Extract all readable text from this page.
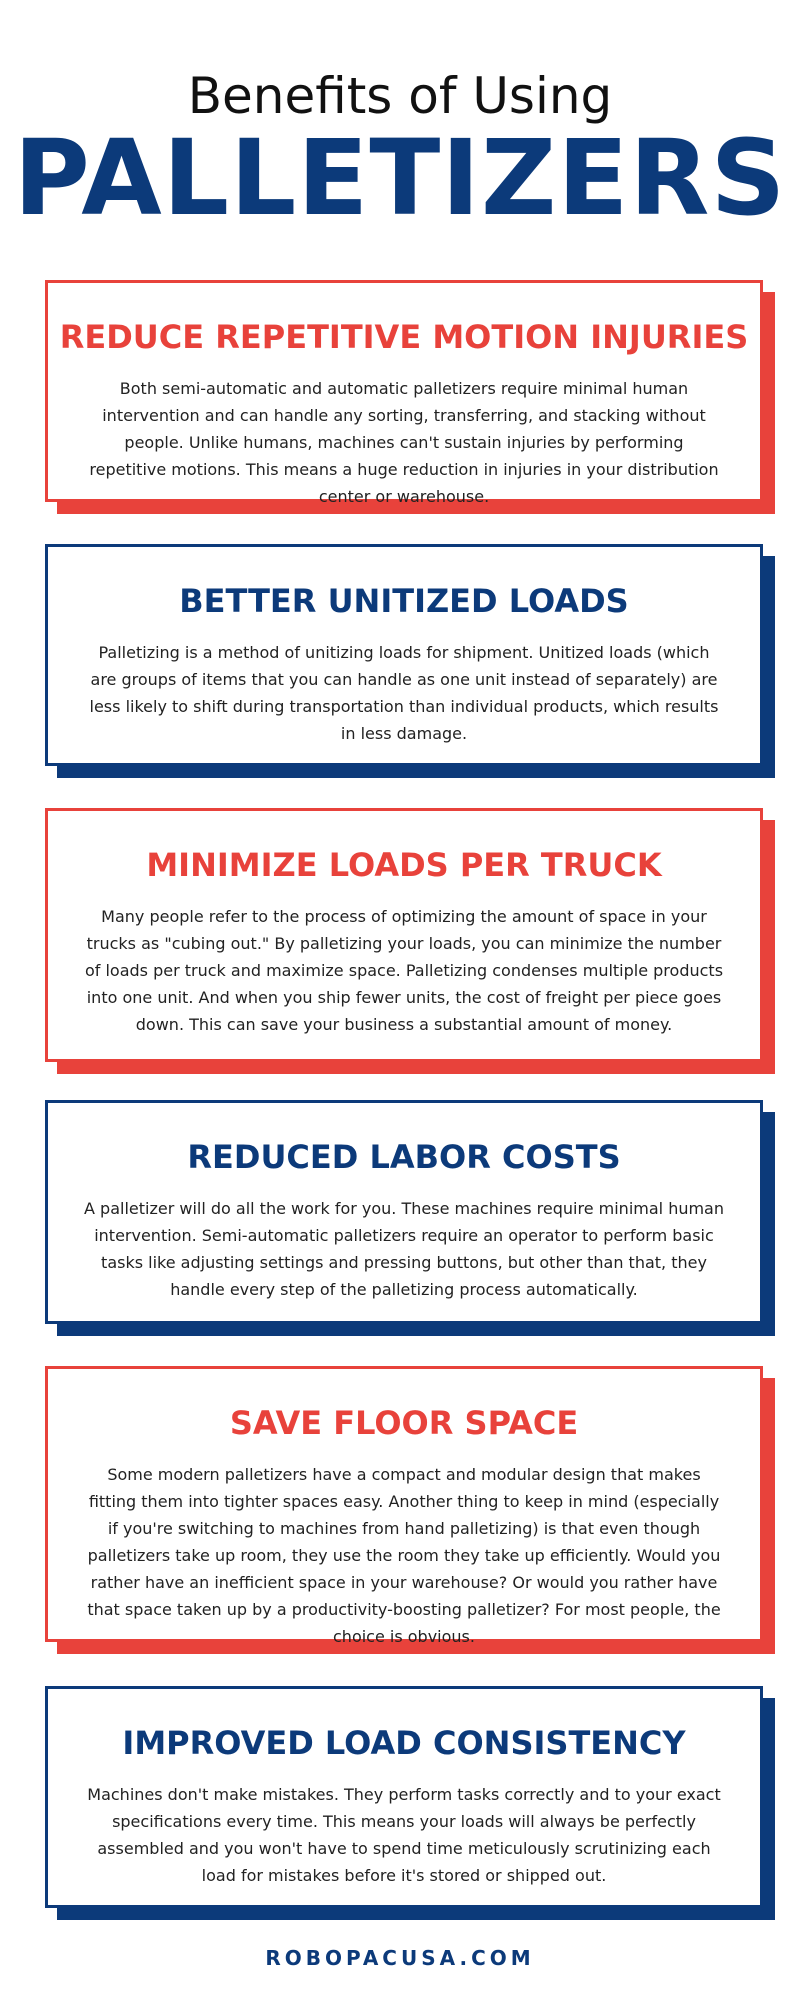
Benefits of Using
PALLETIZERS
REDUCE REPETITIVE MOTION INJURIES
Both semi-automatic and automatic palletizers require minimal human intervention and can handle any sorting, transferring, and stacking without people. Unlike humans, machines can't sustain injuries by performing repetitive motions. This means a huge reduction in injuries in your distribution center or warehouse.
BETTER UNITIZED LOADS
Palletizing is a method of unitizing loads for shipment. Unitized loads (which are groups of items that you can handle as one unit instead of separately) are less likely to shift during transportation than individual products, which results in less damage.
MINIMIZE LOADS PER TRUCK
Many people refer to the process of optimizing the amount of space in your trucks as "cubing out." By palletizing your loads, you can minimize the number of loads per truck and maximize space. Palletizing condenses multiple products into one unit. And when you ship fewer units, the cost of freight per piece goes down. This can save your business a substantial amount of money.
REDUCED LABOR COSTS
A palletizer will do all the work for you. These machines require minimal human intervention. Semi-automatic palletizers require an operator to perform basic tasks like adjusting settings and pressing buttons, but other than that, they handle every step of the palletizing process automatically.
SAVE FLOOR SPACE
Some modern palletizers have a compact and modular design that makes fitting them into tighter spaces easy. Another thing to keep in mind (especially if you're switching to machines from hand palletizing) is that even though palletizers take up room, they use the room they take up efficiently. Would you rather have an inefficient space in your warehouse? Or would you rather have that space taken up by a productivity-boosting palletizer? For most people, the choice is obvious.
IMPROVED LOAD CONSISTENCY
Machines don't make mistakes. They perform tasks correctly and to your exact specifications every time. This means your loads will always be perfectly assembled and you won't have to spend time meticulously scrutinizing each load for mistakes before it's stored or shipped out.
ROBOPACUSA.COM
